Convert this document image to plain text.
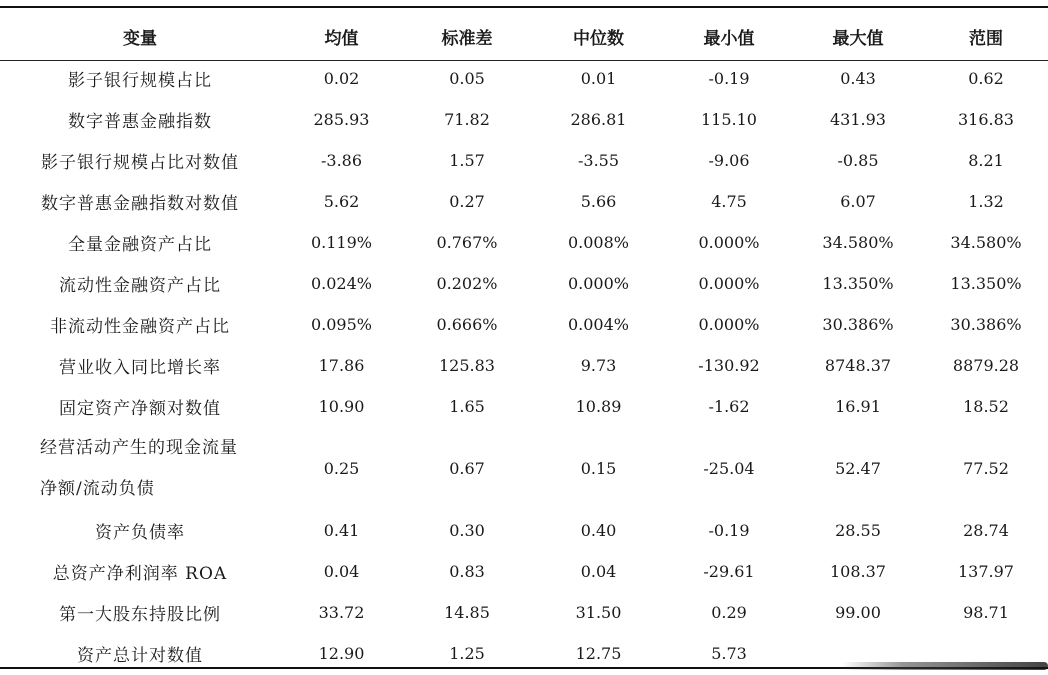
变量	均值	标准差	中位数	最小值	最大值	范围
影子银行规模占比	0.02	0.05	0.01	-0.19	0.43	0.62
数字普惠金融指数	285.93	71.82	286.81	115.10	431.93	316.83
影子银行规模占比对数值	-3.86	1.57	-3.55	-9.06	-0.85	8.21
数字普惠金融指数对数值	5.62	0.27	5.66	4.75	6.07	1.32
全量金融资产占比	0.119%	0.767%	0.008%	0.000%	34.580%	34.580%
流动性金融资产占比	0.024%	0.202%	0.000%	0.000%	13.350%	13.350%
非流动性金融资产占比	0.095%	0.666%	0.004%	0.000%	30.386%	30.386%
营业收入同比增长率	17.86	125.83	9.73	-130.92	8748.37	8879.28
固定资产净额对数值	10.90	1.65	10.89	-1.62	16.91	18.52

经营活动产生的现金流量
净额/流动负债	0.25	0.67	0.15	-25.04	52.47	77.52
资产负债率	0.41	0.30	0.40	-0.19	28.55	28.74
总资产净利润率 ROA	0.04	0.83	0.04	-29.61	108.37	137.97
第一大股东持股比例	33.72	14.85	31.50	0.29	99.00	98.71
资产总计对数值	12.90	1.25	12.75	5.73		
